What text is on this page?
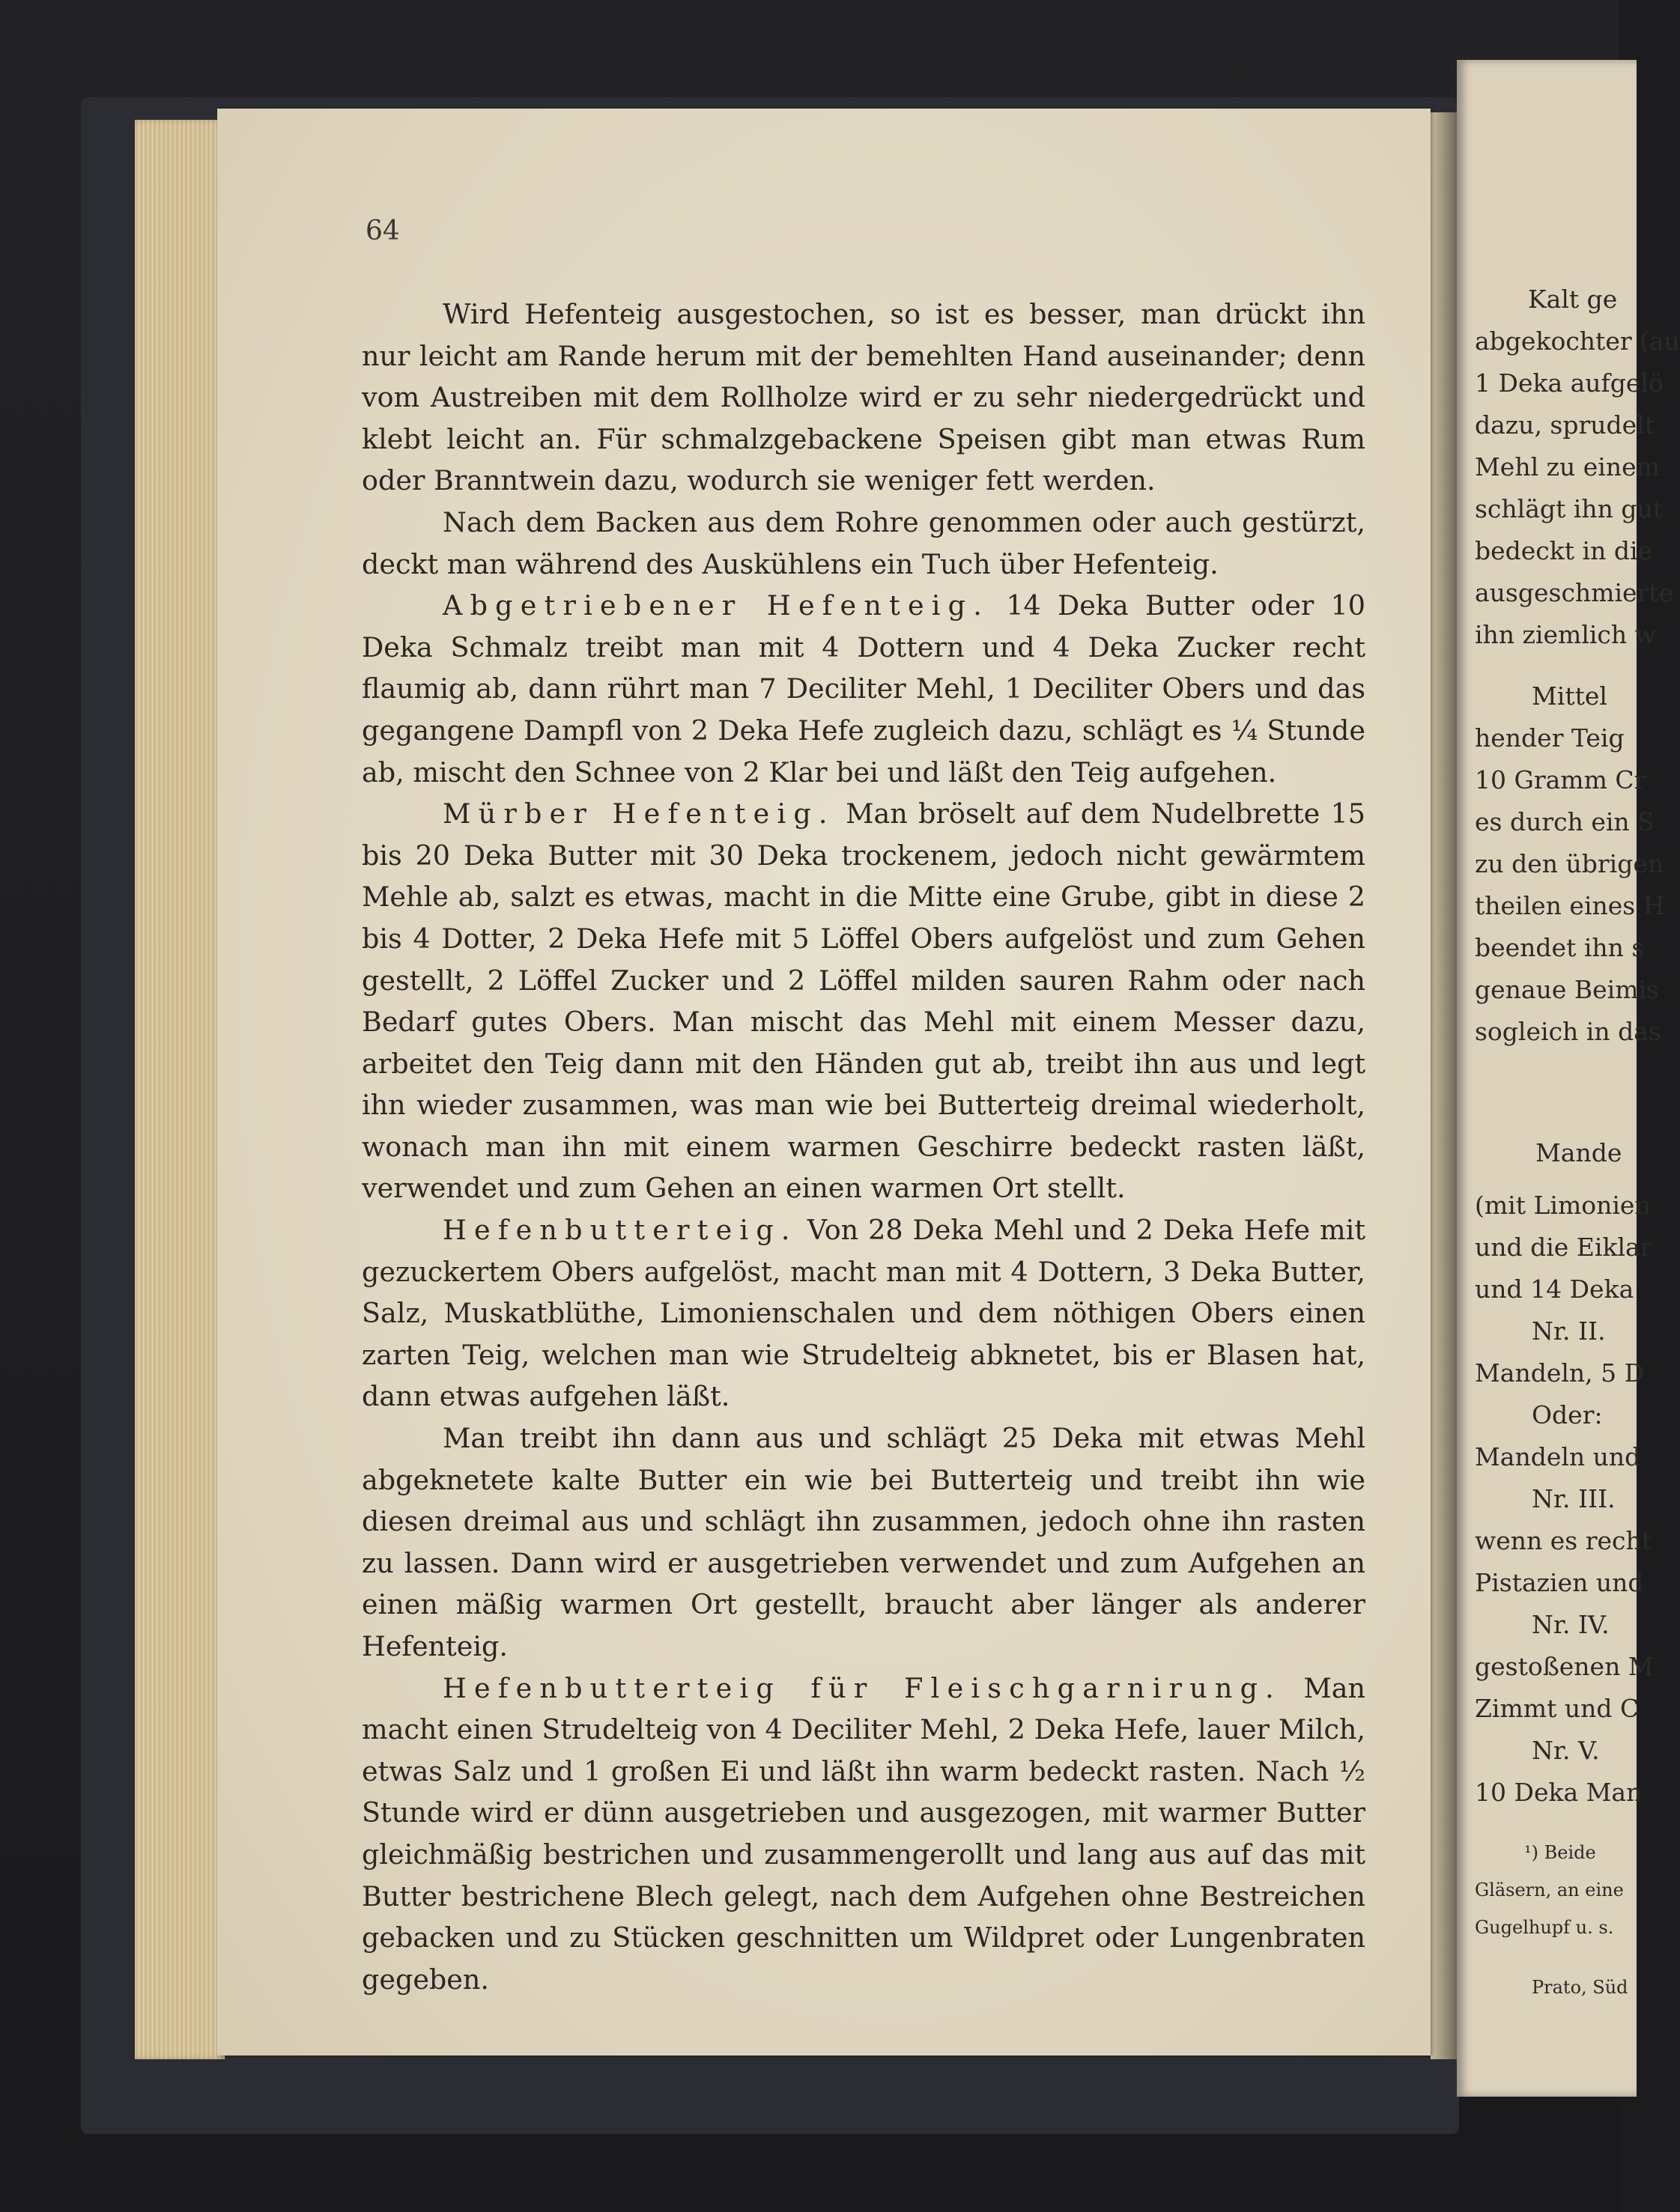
Kalt ge
abgekochter (au
1 Deka aufgelö
dazu, sprudelt
Mehl zu einem
schlägt ihn gut
bedeckt in die
ausgeschmierte
ihn ziemlich w
Mittel
hender Teig
10 Gramm Cr
es durch ein S
zu den übrigen
theilen eines H
beendet ihn s
genaue Beimis
sogleich in das
Mande
(mit Limonien
und die Eiklar
und 14 Deka
Nr. II.
Mandeln, 5 D
Oder:
Mandeln und
Nr. III.
wenn es recht
Pistazien und
Nr. IV.
gestoßenen M
Zimmt und C
Nr. V.
10 Deka Man
¹) Beide
Gläsern, an eine
Gugelhupf u. s.
Prato, Süd
64

Wird Hefenteig ausgestochen, so ist es besser, man drückt ihn nur leicht am Rande herum mit der bemehlten Hand auseinander; denn vom Austreiben mit dem Rollholze wird er zu sehr niedergedrückt und klebt leicht an. Für schmalzgebackene Speisen gibt man etwas Rum oder Branntwein dazu, wodurch sie weniger fett werden.

Nach dem Backen aus dem Rohre genommen oder auch gestürzt, deckt man während des Auskühlens ein Tuch über Hefenteig.

Abgetriebener Hefenteig. 14 Deka Butter oder 10 Deka Schmalz treibt man mit 4 Dottern und 4 Deka Zucker recht flaumig ab, dann rührt man 7 Deciliter Mehl, 1 Deciliter Obers und das gegangene Dampfl von 2 Deka Hefe zugleich dazu, schlägt es ¼ Stunde ab, mischt den Schnee von 2 Klar bei und läßt den Teig aufgehen.

Mürber Hefenteig. Man bröselt auf dem Nudelbrette 15 bis 20 Deka Butter mit 30 Deka trockenem, jedoch nicht gewärmtem Mehle ab, salzt es etwas, macht in die Mitte eine Grube, gibt in diese 2 bis 4 Dotter, 2 Deka Hefe mit 5 Löffel Obers aufgelöst und zum Gehen gestellt, 2 Löffel Zucker und 2 Löffel milden sauren Rahm oder nach Bedarf gutes Obers. Man mischt das Mehl mit einem Messer dazu, arbeitet den Teig dann mit den Händen gut ab, treibt ihn aus und legt ihn wieder zusammen, was man wie bei Butterteig dreimal wiederholt, wonach man ihn mit einem warmen Geschirre bedeckt rasten läßt, verwendet und zum Gehen an einen warmen Ort stellt.

Hefenbutterteig. Von 28 Deka Mehl und 2 Deka Hefe mit gezuckertem Obers aufgelöst, macht man mit 4 Dottern, 3 Deka Butter, Salz, Muskatblüthe, Limonienschalen und dem nöthigen Obers einen zarten Teig, welchen man wie Strudelteig abknetet, bis er Blasen hat, dann etwas aufgehen läßt.

Man treibt ihn dann aus und schlägt 25 Deka mit etwas Mehl abgeknetete kalte Butter ein wie bei Butterteig und treibt ihn wie diesen dreimal aus und schlägt ihn zusammen, jedoch ohne ihn rasten zu lassen. Dann wird er ausgetrieben verwendet und zum Aufgehen an einen mäßig warmen Ort gestellt, braucht aber länger als anderer Hefenteig.

Hefenbutterteig für Fleischgarnirung. Man macht einen Strudelteig von 4 Deciliter Mehl, 2 Deka Hefe, lauer Milch, etwas Salz und 1 großen Ei und läßt ihn warm bedeckt rasten. Nach ½ Stunde wird er dünn ausgetrieben und ausgezogen, mit warmer Butter gleichmäßig bestrichen und zusammengerollt und lang aus auf das mit Butter bestrichene Blech gelegt, nach dem Aufgehen ohne Bestreichen gebacken und zu Stücken geschnitten um Wildpret oder Lungenbraten gegeben.
